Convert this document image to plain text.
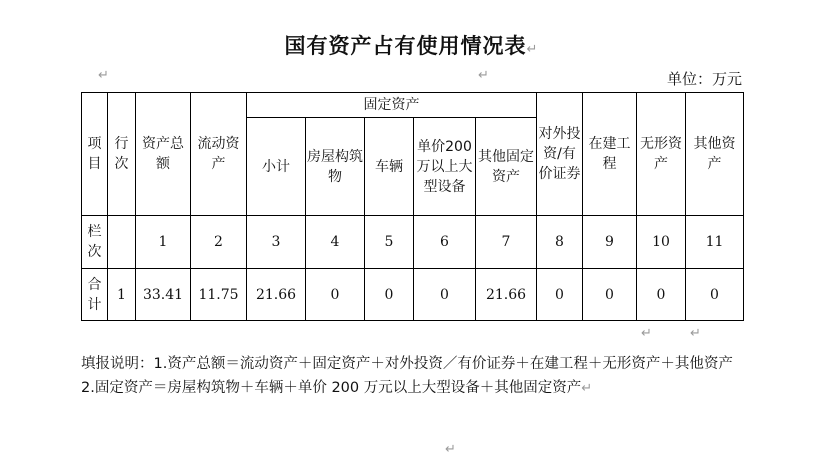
国有资产占有使用情况表↵
↵	↵	单位：万元
项目	行次	资产总额	流动资产	固定资产					对外投资/有价证券	在建工程	无形资产	其他资产
				小计	房屋构筑物	车辆	单价200万以上大型设备	其他固定资产				
栏次		1	2	3	4	5	6	7	8	9	10	11
合计	1	33.41	11.75	21.66	0	0	0	21.66	0	0	0	0
↵	↵
填报说明：1.资产总额＝流动资产＋固定资产＋对外投资／有价证券＋在建工程＋无形资产＋其他资产 2.固定资产＝房屋构筑物＋车辆＋单价 200 万元以上大型设备＋其他固定资产↵
↵
